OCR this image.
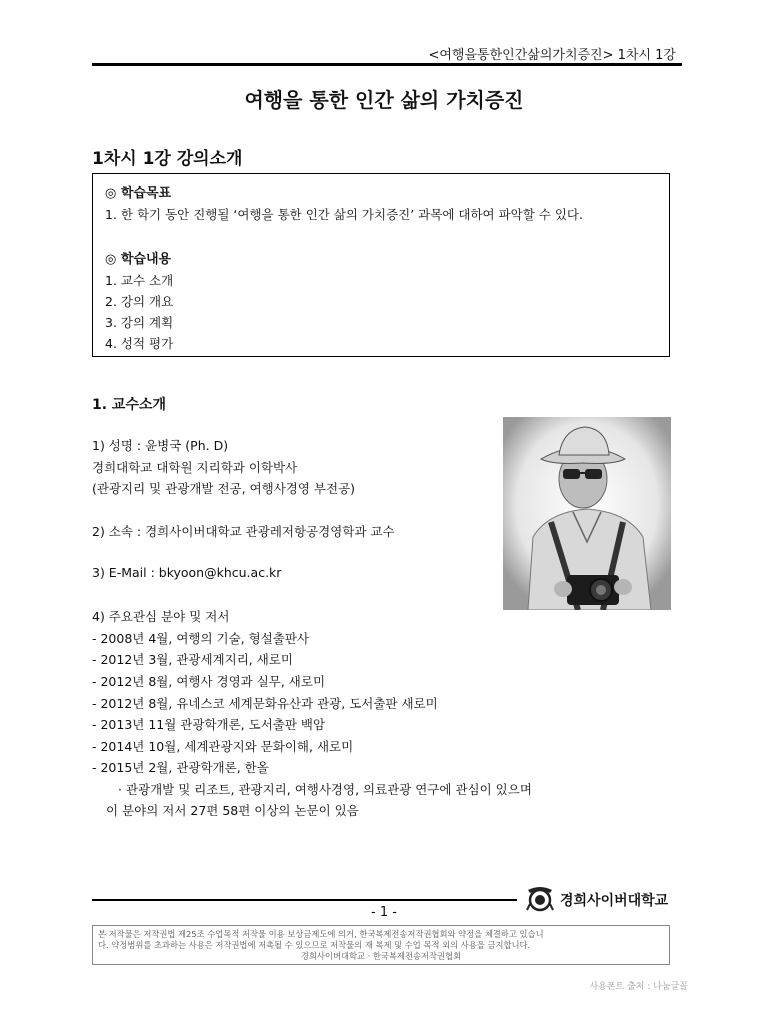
<여행을통한인간삶의가치증진> 1차시 1강
여행을 통한 인간 삶의 가치증진
1차시 1강 강의소개
◎ 학습목표
1. 한 학기 동안 진행될 ‘여행을 통한 인간 삶의 가치증진’ 과목에 대하여 파악할 수 있다.
◎ 학습내용
1. 교수 소개
2. 강의 개요
3. 강의 계획
4. 성적 평가
1. 교수소개
1) 성명 : 윤병국 (Ph. D)
경희대학교 대학원 지리학과 이학박사
(관광지리 및 관광개발 전공, 여행사경영 부전공)
2) 소속 : 경희사이버대학교 관광레저항공경영학과 교수
3) E-Mail : bkyoon@khcu.ac.kr
4) 주요관심 분야 및 저서
- 2008년 4월, 여행의 기술, 형설출판사
- 2012년 3월, 관광세계지리, 새로미
- 2012년 8월, 여행사 경영과 실무, 새로미
- 2012년 8월, 유네스코 세계문화유산과 관광, 도서출판 새로미
- 2013년 11월 관광학개론, 도서출판 백암
- 2014년 10월, 세계관광지와 문화이해, 새로미
- 2015년 2월, 관광학개론, 한올
· 관광개발 및 리조트, 관광지리, 여행사경영, 의료관광 연구에 관심이 있으며
이 분야의 저서 27편 58편 이상의 논문이 있음
경희사이버대학교
- 1 -
본 저작물은 저작권법 제25조 수업목적 저작물 이용 보상금제도에 의거, 한국복제전송저작권협회와 약정을 체결하고 있습니
다. 약정범위를 초과하는 사용은 저작권법에 저촉될 수 있으므로 저작물의 재 복제 및 수업 목적 외의 사용을 금지합니다.
경희사이버대학교 · 한국복제전송저작권협회
사용폰트 출처 : 나눔글꼴
